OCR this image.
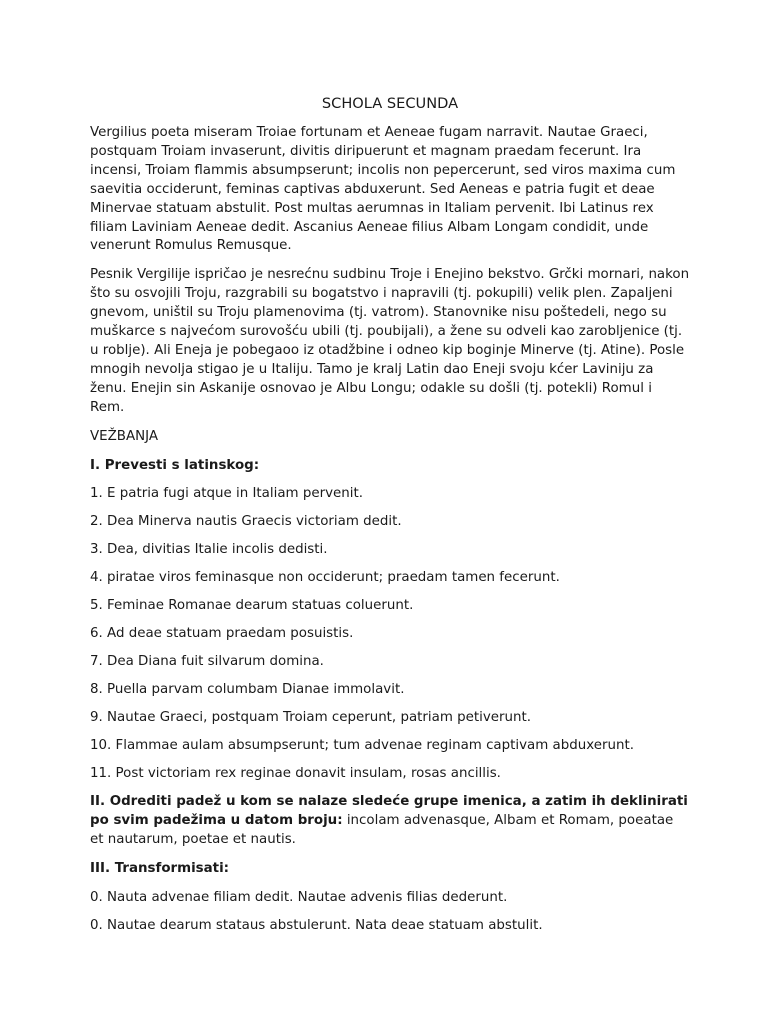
SCHOLA SECUNDA

Vergilius poeta miseram Troiae fortunam et Aeneae fugam narravit. Nautae Graeci, postquam Troiam invaserunt, divitis diripuerunt et magnam praedam fecerunt. Ira incensi, Troiam flammis absumpserunt; incolis non pepercerunt, sed viros maxima cum saevitia occiderunt, feminas captivas abduxerunt. Sed Aeneas e patria fugit et deae Minervae statuam abstulit. Post multas aerumnas in Italiam pervenit. Ibi Latinus rex filiam Laviniam Aeneae dedit. Ascanius Aeneae filius Albam Longam condidit, unde venerunt Romulus Remusque.

Pesnik Vergilije ispričao je nesrećnu sudbinu Troje i Enejino bekstvo. Grčki mornari, nakon što su osvojili Troju, razgrabili su bogatstvo i napravili (tj. pokupili) velik plen. Zapaljeni gnevom, uništil su Troju plamenovima (tj. vatrom). Stanovnike nisu poštedeli, nego su muškarce s najvećom surovošću ubili (tj. poubijali), a žene su odveli kao zarobljenice (tj. u roblje). Ali Eneja je pobegaoo iz otadžbine i odneo kip boginje Minerve (tj. Atine). Posle mnogih nevolja stigao je u Italiju. Tamo je kralj Latin dao Eneji svoju kćer Laviniju za ženu. Enejin sin Askanije osnovao je Albu Longu; odakle su došli (tj. potekli) Romul i Rem.

VEŽBANJA

I. Prevesti s latinskog:

1. E patria fugi atque in Italiam pervenit.

2. Dea Minerva nautis Graecis victoriam dedit.

3. Dea, divitias Italie incolis dedisti.

4. piratae viros feminasque non occiderunt; praedam tamen fecerunt.

5. Feminae Romanae dearum statuas coluerunt.

6. Ad deae statuam praedam posuistis.

7. Dea Diana fuit silvarum domina.

8. Puella parvam columbam Dianae immolavit.

9. Nautae Graeci, postquam Troiam ceperunt, patriam petiverunt.

10. Flammae aulam absumpserunt; tum advenae reginam captivam abduxerunt.

11. Post victoriam rex reginae donavit insulam, rosas ancillis.

II. Odrediti padež u kom se nalaze sledeće grupe imenica, a zatim ih deklinirati po svim padežima u datom broju: incolam advenasque, Albam et Romam, poeatae et nautarum, poetae et nautis.

III. Transformisati:

0. Nauta advenae filiam dedit. Nautae advenis filias dederunt.

0. Nautae dearum stataus abstulerunt. Nata deae statuam abstulit.
